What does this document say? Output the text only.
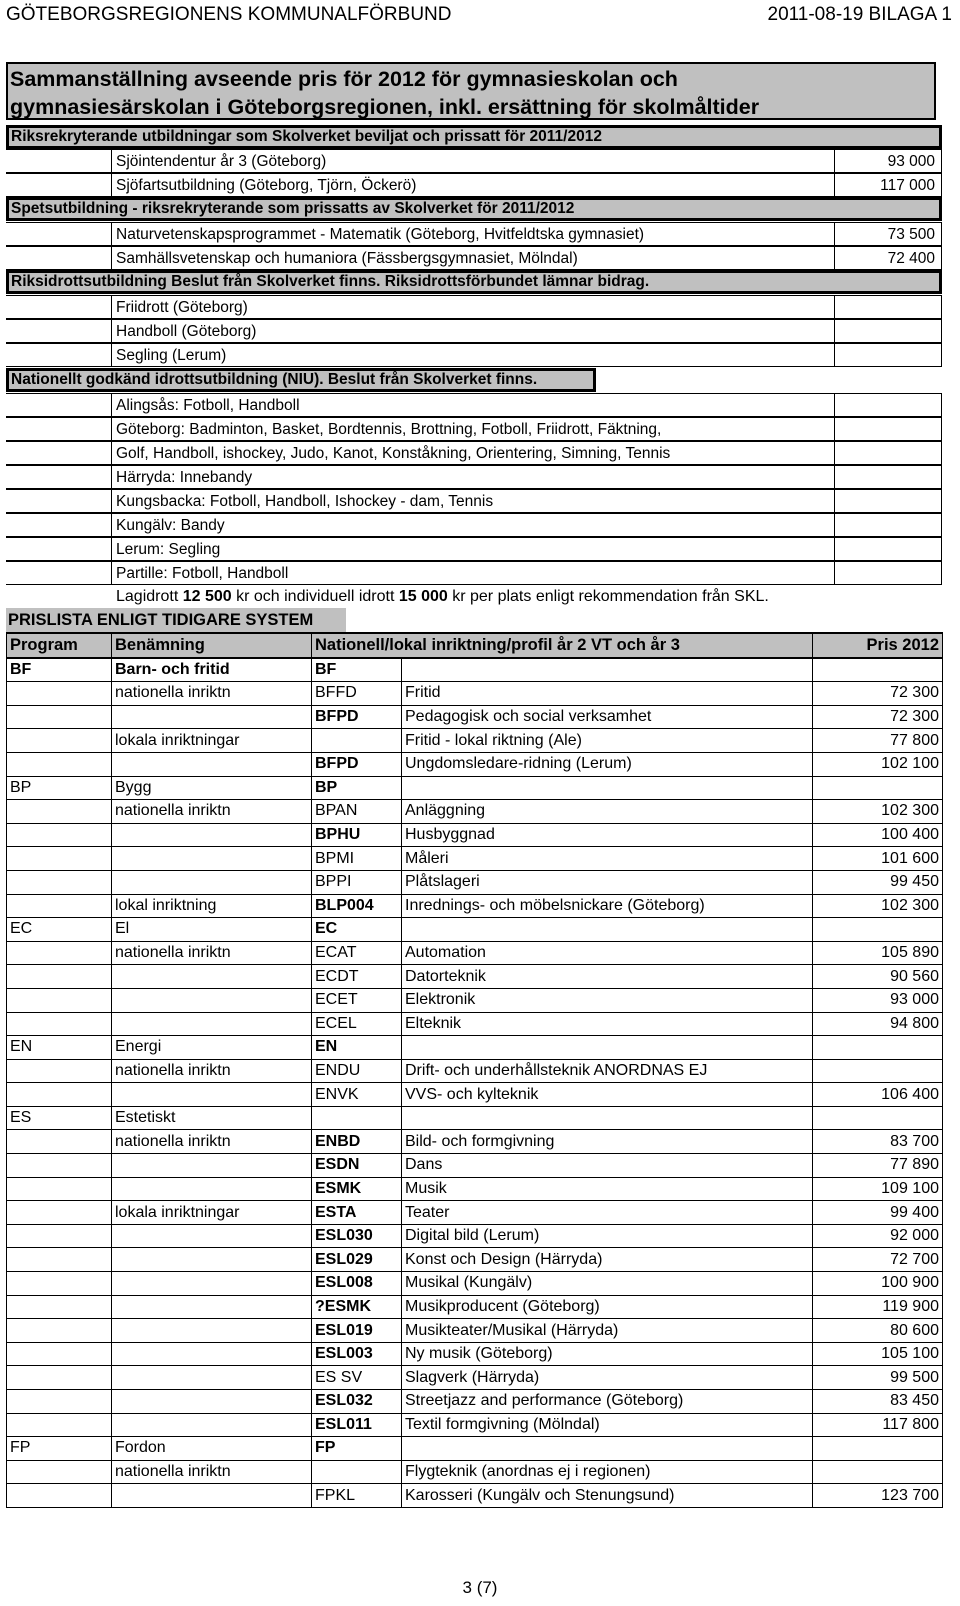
GÖTEBORGSREGIONENS KOMMUNALFÖRBUND	2011-08-19 BILAGA 1
Sammanställning avseende pris för 2012 för gymnasieskolan och
gymnasiesärskolan i Göteborgsregionen, inkl. ersättning för skolmåltider
Riksrekryterande utbildningar som Skolverket beviljat och prissatt för 2011/2012
Sjöintendentur år 3 (Göteborg)	93 000
Sjöfartsutbildning (Göteborg, Tjörn, Öckerö)	117 000
Spetsutbildning - riksrekryterande som prissatts av Skolverket för 2011/2012
Naturvetenskapsprogrammet - Matematik (Göteborg, Hvitfeldtska gymnasiet)	73 500
Samhällsvetenskap och humaniora (Fässbergsgymnasiet, Mölndal)	72 400
Riksidrottsutbildning Beslut från Skolverket finns. Riksidrottsförbundet lämnar bidrag.
Friidrott (Göteborg)
Handboll (Göteborg)
Segling (Lerum)
Nationellt godkänd idrottsutbildning (NIU). Beslut från Skolverket finns.
Alingsås: Fotboll, Handboll
Göteborg: Badminton, Basket, Bordtennis, Brottning, Fotboll, Friidrott, Fäktning,
Golf, Handboll, ishockey, Judo, Kanot, Konståkning, Orientering, Simning, Tennis
Härryda: Innebandy
Kungsbacka: Fotboll, Handboll, Ishockey - dam, Tennis
Kungälv: Bandy
Lerum: Segling
Partille: Fotboll, Handboll
Lagidrott 12 500 kr och individuell idrott 15 000 kr per plats enligt rekommendation från SKL.
PRISLISTA ENLIGT TIDIGARE SYSTEM
Program	Benämning	Nationell/lokal inriktning/profil år 2 VT och år 3		Pris 2012
BF	Barn- och fritid	BF		
	nationella inriktn	BFFD	Fritid	72 300
		BFPD	Pedagogisk och social verksamhet	72 300
	lokala inriktningar		Fritid - lokal riktning (Ale)	77 800
		BFPD	Ungdomsledare-ridning (Lerum)	102 100
BP	Bygg	BP		
	nationella inriktn	BPAN	Anläggning	102 300
		BPHU	Husbyggnad	100 400
		BPMI	Måleri	101 600
		BPPI	Plåtslageri	99 450
	lokal inriktning	BLP004	Inrednings- och möbelsnickare (Göteborg)	102 300
EC	El	EC		
	nationella inriktn	ECAT	Automation	105 890
		ECDT	Datorteknik	90 560
		ECET	Elektronik	93 000
		ECEL	Elteknik	94 800
EN	Energi	EN		
	nationella inriktn	ENDU	Drift- och underhållsteknik ANORDNAS EJ	
		ENVK	VVS- och kylteknik	106 400
ES	Estetiskt			
	nationella inriktn	ENBD	Bild- och formgivning	83 700
		ESDN	Dans	77 890
		ESMK	Musik	109 100
	lokala inriktningar	ESTA	Teater	99 400
		ESL030	Digital bild (Lerum)	92 000
		ESL029	Konst och Design (Härryda)	72 700
		ESL008	Musikal (Kungälv)	100 900
		?ESMK	Musikproducent (Göteborg)	119 900
		ESL019	Musikteater/Musikal (Härryda)	80 600
		ESL003	Ny musik (Göteborg)	105 100
		ES SV	Slagverk (Härryda)	99 500
		ESL032	Streetjazz and performance (Göteborg)	83 450
		ESL011	Textil formgivning (Mölndal)	117 800
FP	Fordon	FP		
	nationella inriktn		Flygteknik (anordnas ej i regionen)	
		FPKL	Karosseri (Kungälv och Stenungsund)	123 700
3 (7)
